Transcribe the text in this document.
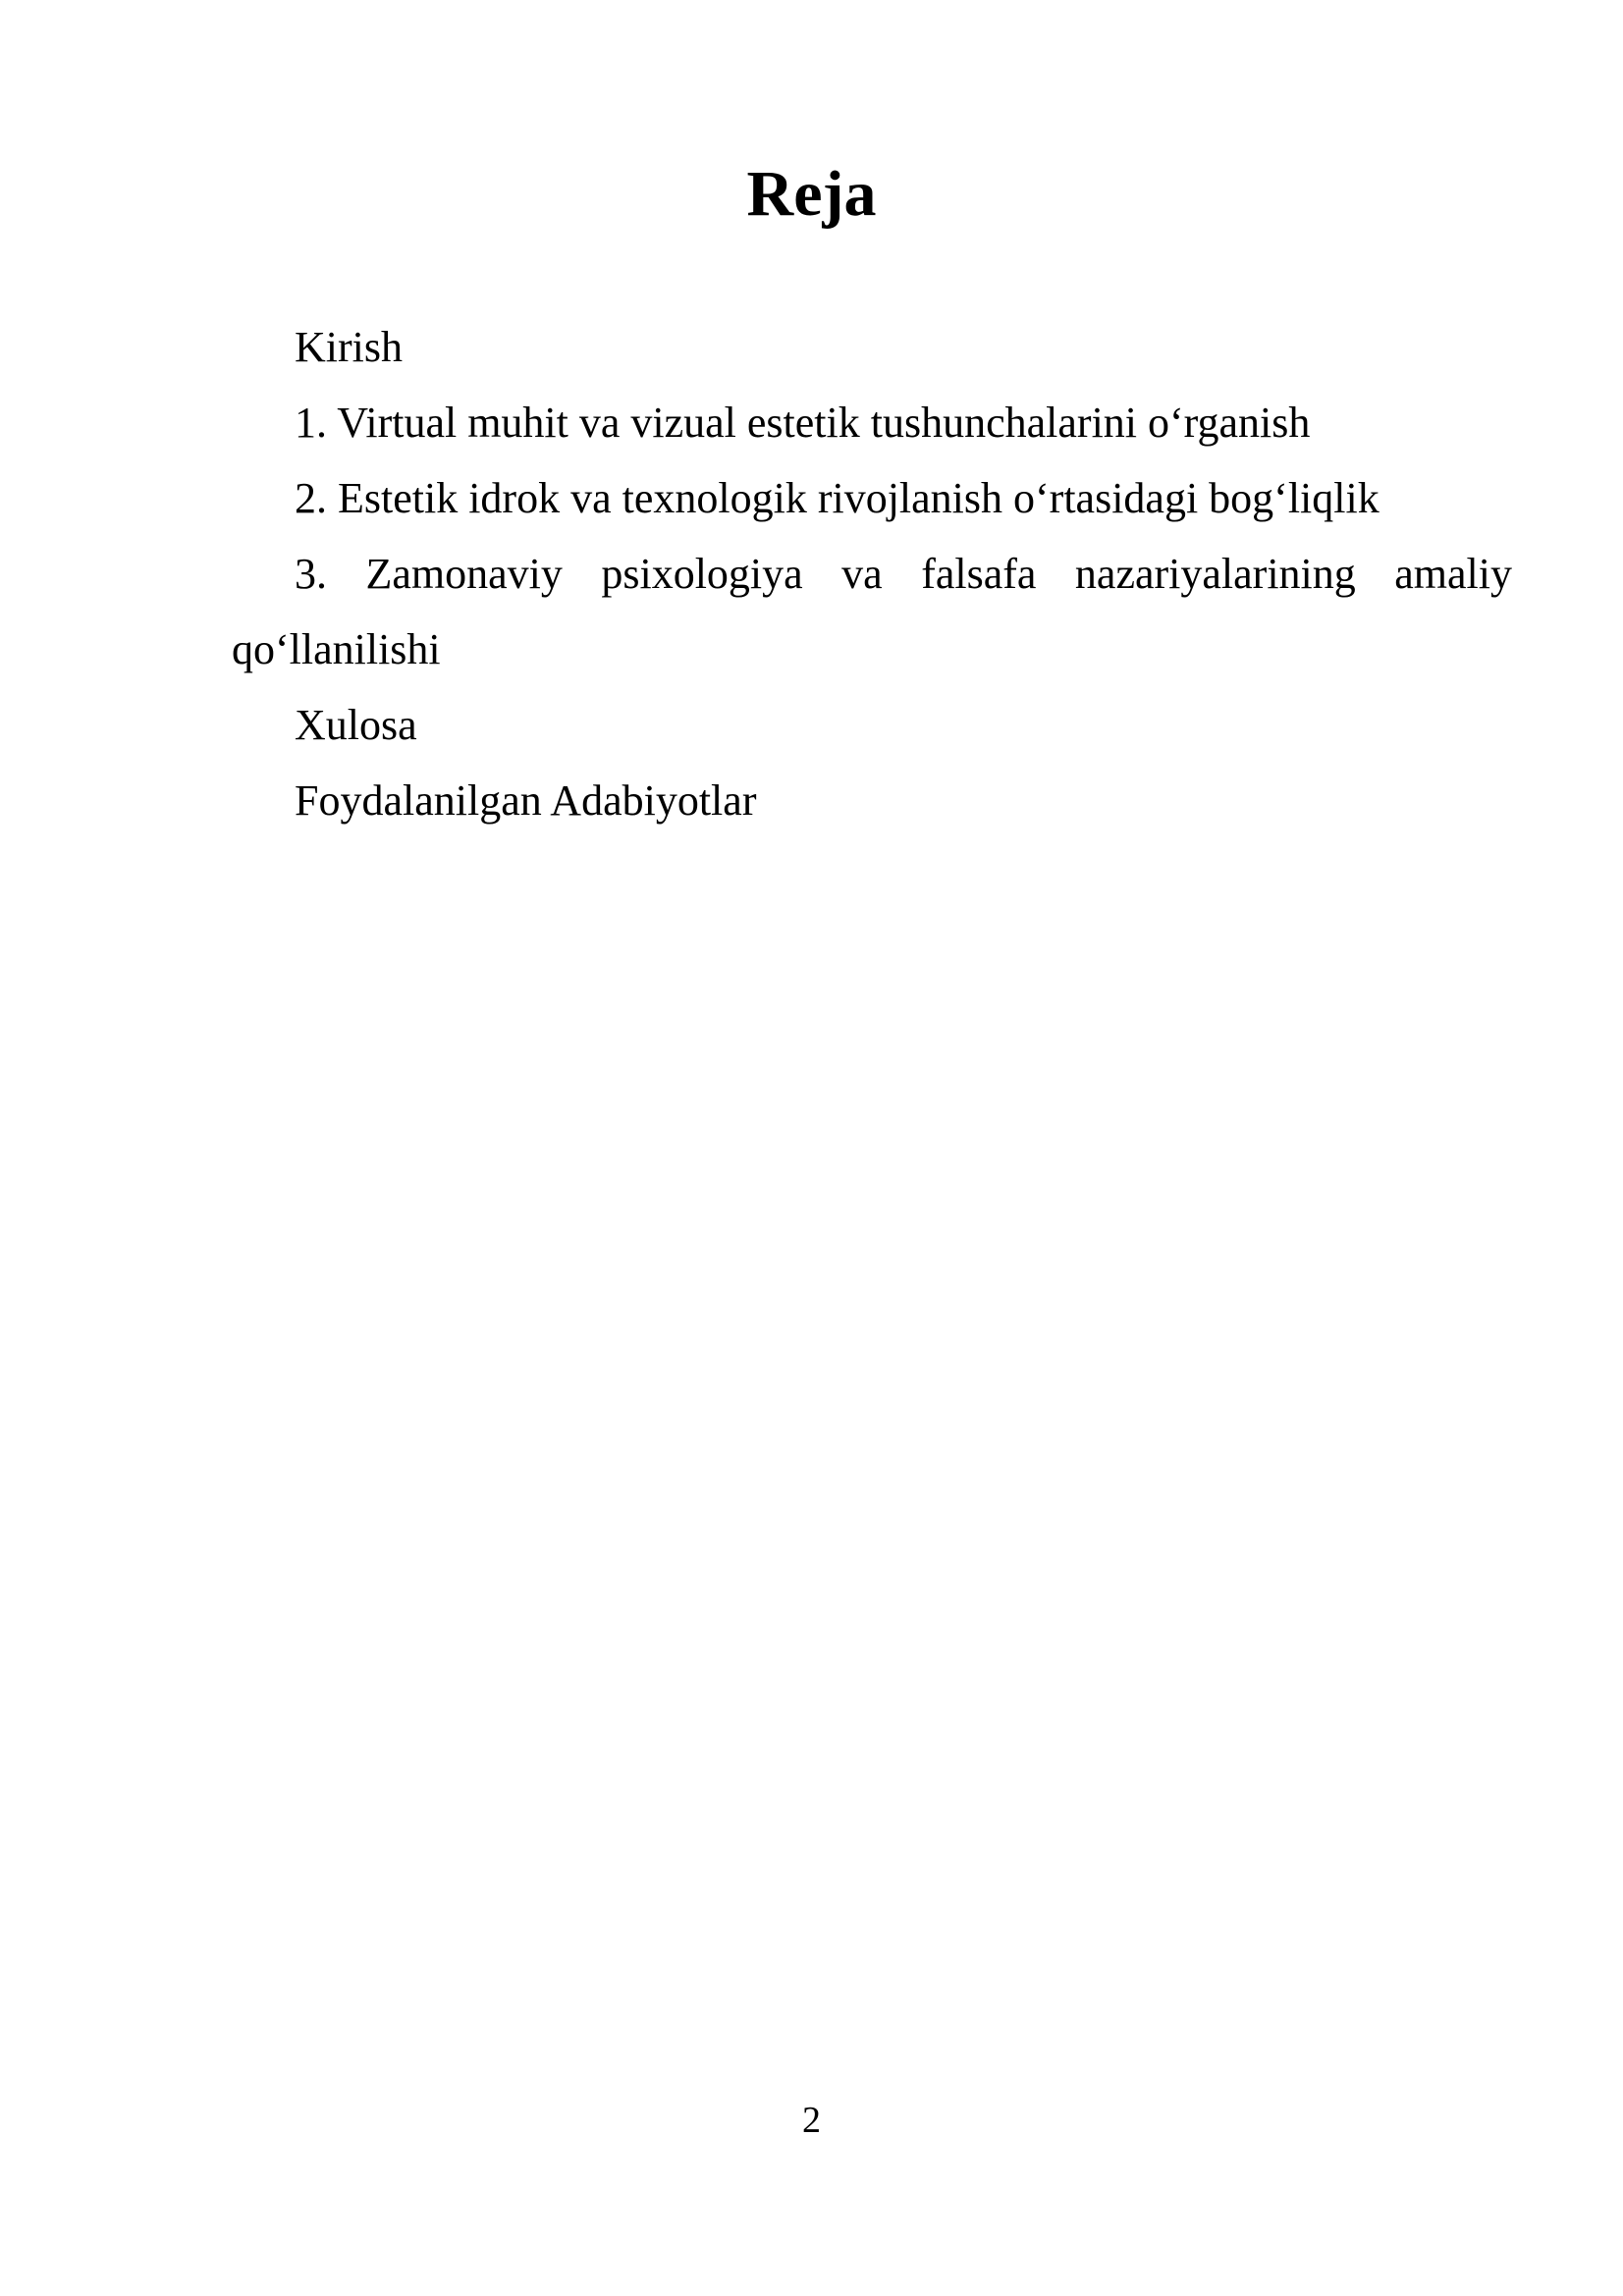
Reja
Kirish
1. Virtual muhit va vizual estetik tushunchalarini o‘rganish
2. Estetik idrok va texnologik rivojlanish o‘rtasidagi bog‘liqlik
3. Zamonaviy psixologiya va falsafa nazariyalarining amaliy qo‘llanilishi
Xulosa
Foydalanilgan Adabiyotlar
2
